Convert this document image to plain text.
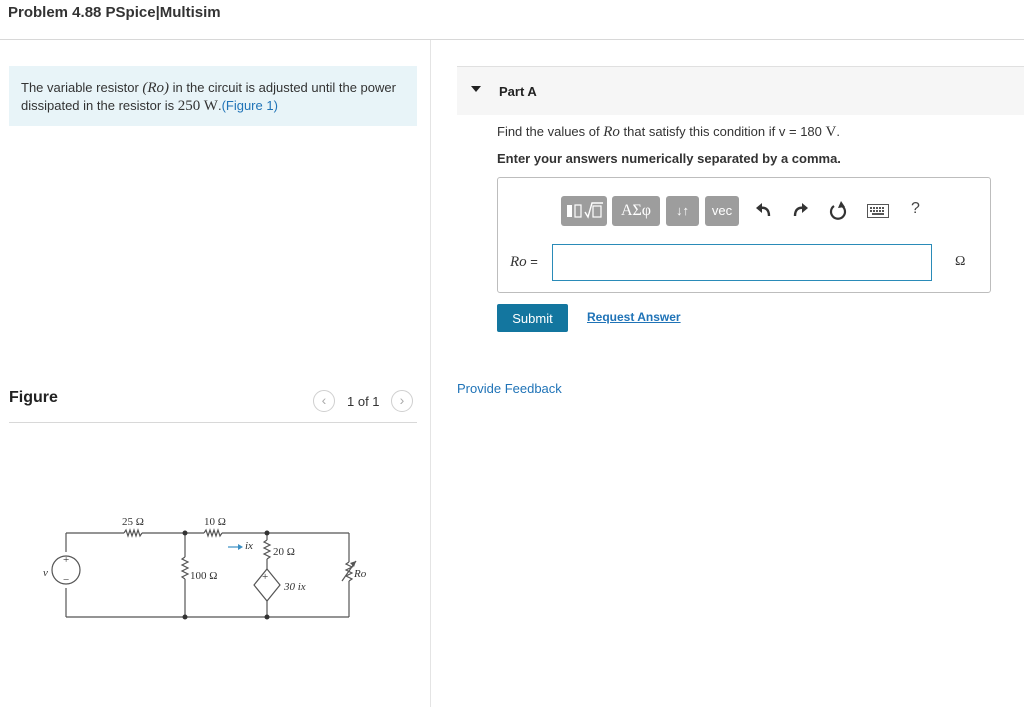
Problem 4.88 PSpice|Multisim
The variable resistor (Ro) in the circuit is adjusted until the power dissipated in the resistor is 250 W.(Figure 1)
Figure	‹	1 of 1	›
+
−
v
ix
25 Ω	10 Ω
100 Ω
20 Ω
+
30 ix
Ro
Part A
Find the values of Ro that satisfy this condition if v = 180 V.
Enter your answers numerically separated by a comma.
ΑΣφ	↓↑	vec	?
Ro =	Ω
Submit	Request Answer
Provide Feedback
